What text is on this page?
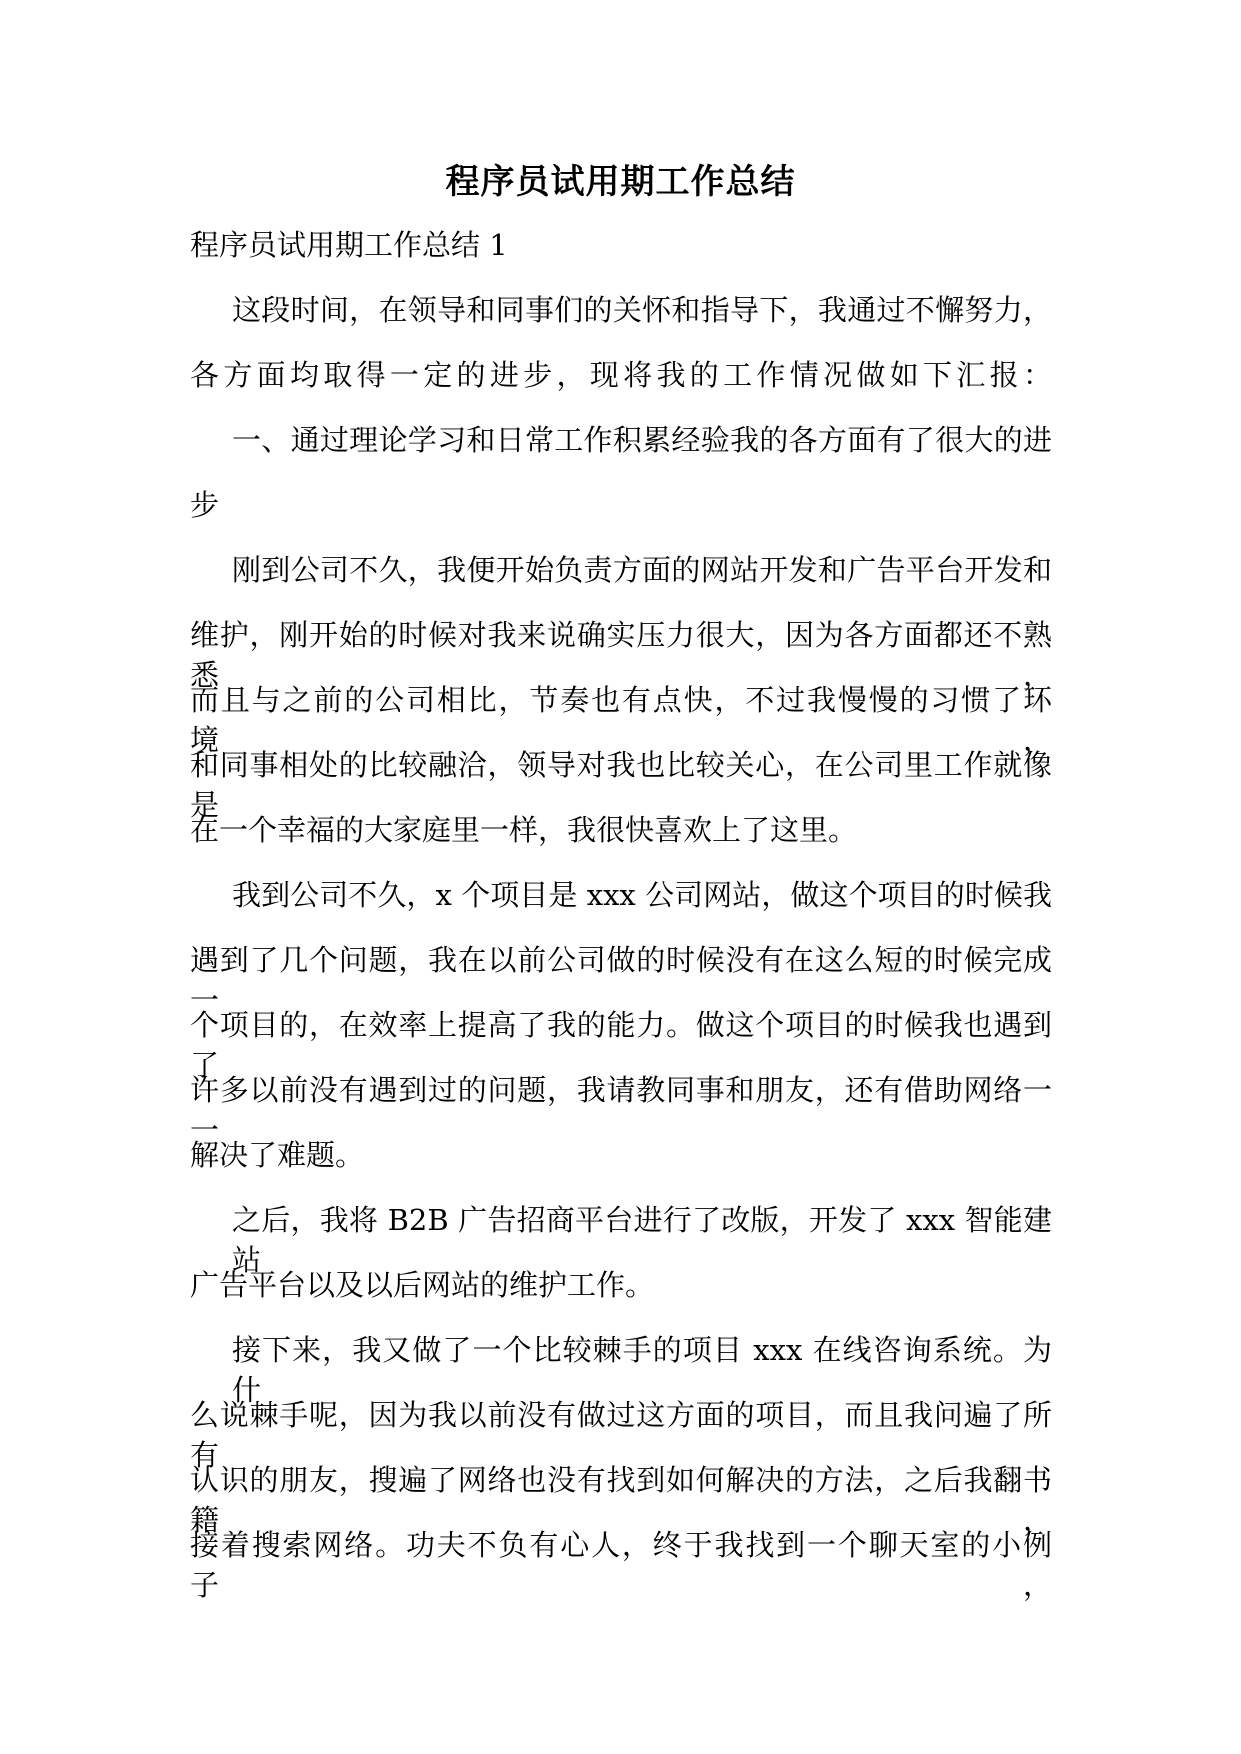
程序员试用期工作总结
程序员试用期工作总结 1
这段时间，在领导和同事们的关怀和指导下，我通过不懈努力，
各方面均取得一定的进步，现将我的工作情况做如下汇报：
一、通过理论学习和日常工作积累经验我的各方面有了很大的进
步
刚到公司不久，我便开始负责方面的网站开发和广告平台开发和
维护，刚开始的时候对我来说确实压力很大，因为各方面都还不熟悉，
而且与之前的公司相比，节奏也有点快，不过我慢慢的习惯了环境，
和同事相处的比较融洽，领导对我也比较关心，在公司里工作就像是
在一个幸福的大家庭里一样，我很快喜欢上了这里。
我到公司不久，x 个项目是 xxx 公司网站，做这个项目的时候我
遇到了几个问题，我在以前公司做的时候没有在这么短的时候完成一
个项目的，在效率上提高了我的能力。做这个项目的时候我也遇到了
许多以前没有遇到过的问题，我请教同事和朋友，还有借助网络一一
解决了难题。
之后，我将 B2B 广告招商平台进行了改版，开发了 xxx 智能建站
广告平台以及以后网站的维护工作。
接下来，我又做了一个比较棘手的项目 xxx 在线咨询系统。为什
么说棘手呢，因为我以前没有做过这方面的项目，而且我问遍了所有
认识的朋友，搜遍了网络也没有找到如何解决的方法，之后我翻书籍，
接着搜索网络。功夫不负有心人，终于我找到一个聊天室的小例子，
